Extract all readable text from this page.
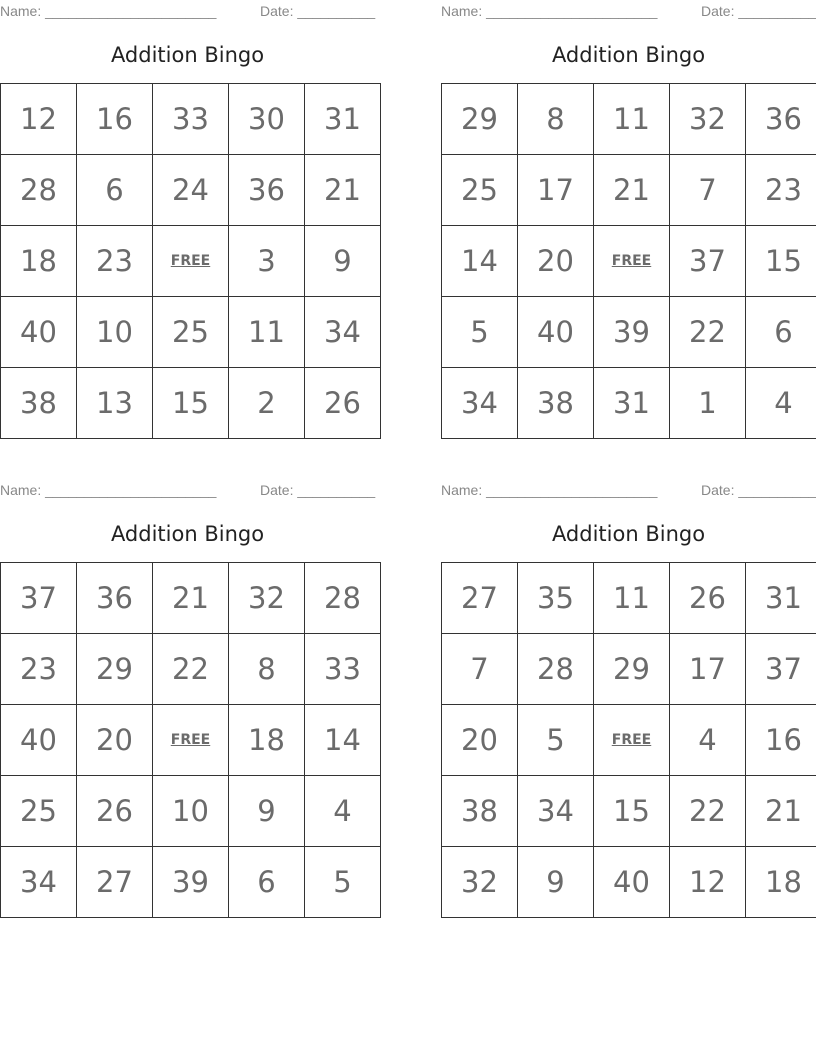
Name: ______________________	Date: __________
Addition Bingo
12	16	33	30	31
28	6	24	36	21
18	23	FREE	3	9
40	10	25	11	34
38	13	15	2	26
Name: ______________________	Date: __________
Addition Bingo
29	8	11	32	36
25	17	21	7	23
14	20	FREE	37	15
5	40	39	22	6
34	38	31	1	4
Name: ______________________	Date: __________
Addition Bingo
37	36	21	32	28
23	29	22	8	33
40	20	FREE	18	14
25	26	10	9	4
34	27	39	6	5
Name: ______________________	Date: __________
Addition Bingo
27	35	11	26	31
7	28	29	17	37
20	5	FREE	4	16
38	34	15	22	21
32	9	40	12	18
